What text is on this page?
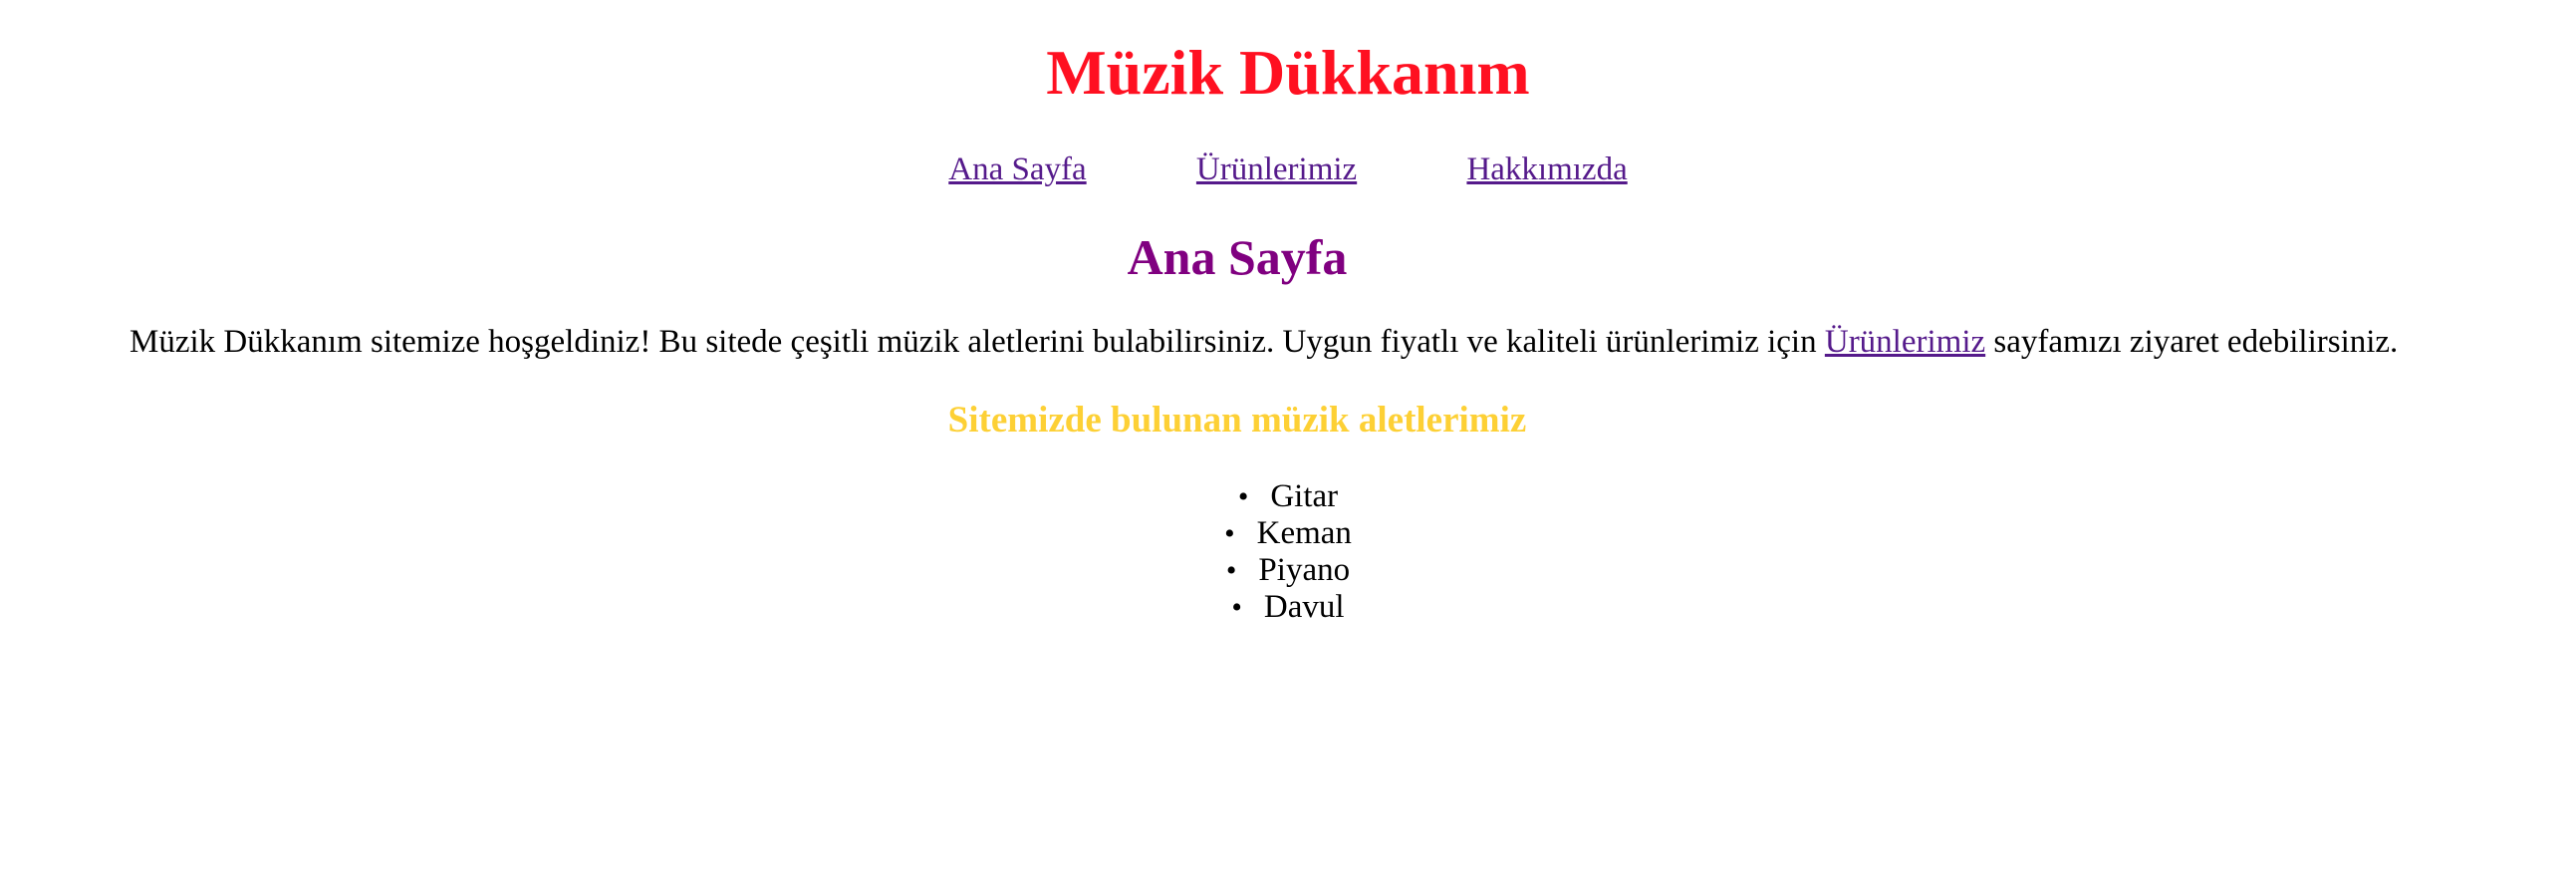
Müzik Dükkanım
Ana Sayfa	Ürünlerimiz	Hakkımızda
Ana Sayfa

Müzik Dükkanım sitemize hoşgeldiniz! Bu sitede çeşitli müzik aletlerini bulabilirsiniz. Uygun fiyatlı ve kaliteli ürünlerimiz için Ürünlerimiz sayfamızı ziyaret edebilirsiniz.

Sitemizde bulunan müzik aletlerimiz
• Gitar
• Keman
• Piyano
• Davul
